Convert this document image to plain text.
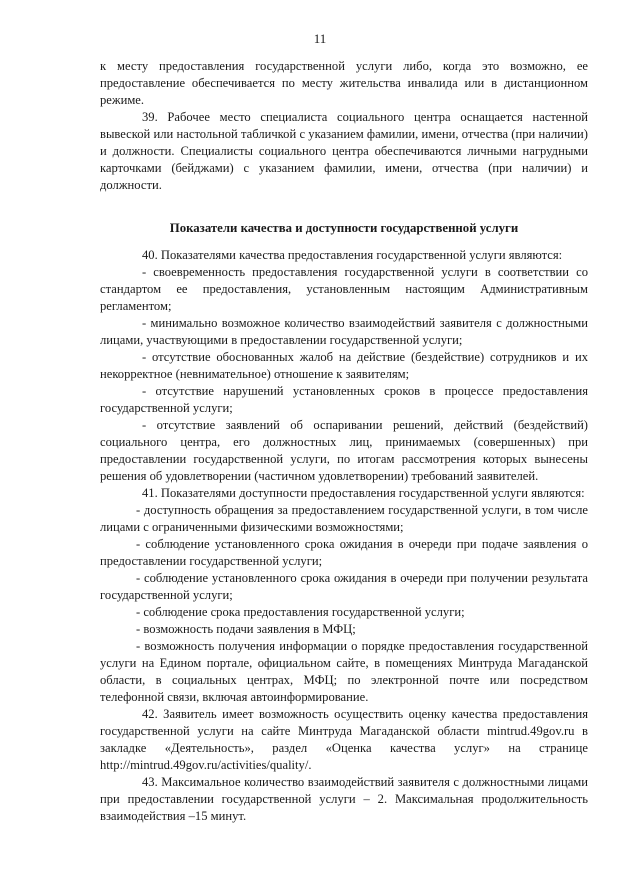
11

к месту предоставления государственной услуги либо, когда это возможно, ее предоставление обеспечивается по месту жительства инвалида или в дистанционном режиме.

39. Рабочее место специалиста социального центра оснащается настенной вывеской или настольной табличкой с указанием фамилии, имени, отчества (при наличии) и должности. Специалисты социального центра обеспечиваются личными нагрудными карточками (бейджами) с указанием фамилии, имени, отчества (при наличии) и должности.

Показатели качества и доступности государственной услуги

40. Показателями качества предоставления государственной услуги являются:

- своевременность предоставления государственной услуги в соответствии со стандартом ее предоставления, установленным настоящим Административным регламентом;

- минимально возможное количество взаимодействий заявителя с должностными лицами, участвующими в предоставлении государственной услуги;

- отсутствие обоснованных жалоб на действие (бездействие) сотрудников и их некорректное (невнимательное) отношение к заявителям;

- отсутствие нарушений установленных сроков в процессе предоставления государственной услуги;

- отсутствие заявлений об оспаривании решений, действий (бездействий) социального центра, его должностных лиц, принимаемых (совершенных) при предоставлении государственной услуги, по итогам рассмотрения которых вынесены решения об удовлетворении (частичном удовлетворении) требований заявителей.

41. Показателями доступности предоставления государственной услуги являются:

- доступность обращения за предоставлением государственной услуги, в том числе лицами с ограниченными физическими возможностями;

- соблюдение установленного срока ожидания в очереди при подаче заявления о предоставлении государственной услуги;

- соблюдение установленного срока ожидания в очереди при получении результата государственной услуги;

- соблюдение срока предоставления государственной услуги;

- возможность подачи заявления в МФЦ;

- возможность получения информации о порядке предоставления государственной услуги на Едином портале, официальном сайте, в помещениях Минтруда Магаданской области, в социальных центрах, МФЦ; по электронной почте или посредством телефонной связи, включая автоинформирование.

42. Заявитель имеет возможность осуществить оценку качества предоставления государственной услуги на сайте Минтруда Магаданской области mintrud.49gov.ru в закладке «Деятельность», раздел «Оценка качества услуг» на странице http://mintrud.49gov.ru/activities/quality/.

43. Максимальное количество взаимодействий заявителя с должностными лицами при предоставлении государственной услуги – 2. Максимальная продолжительность взаимодействия –15 минут.
